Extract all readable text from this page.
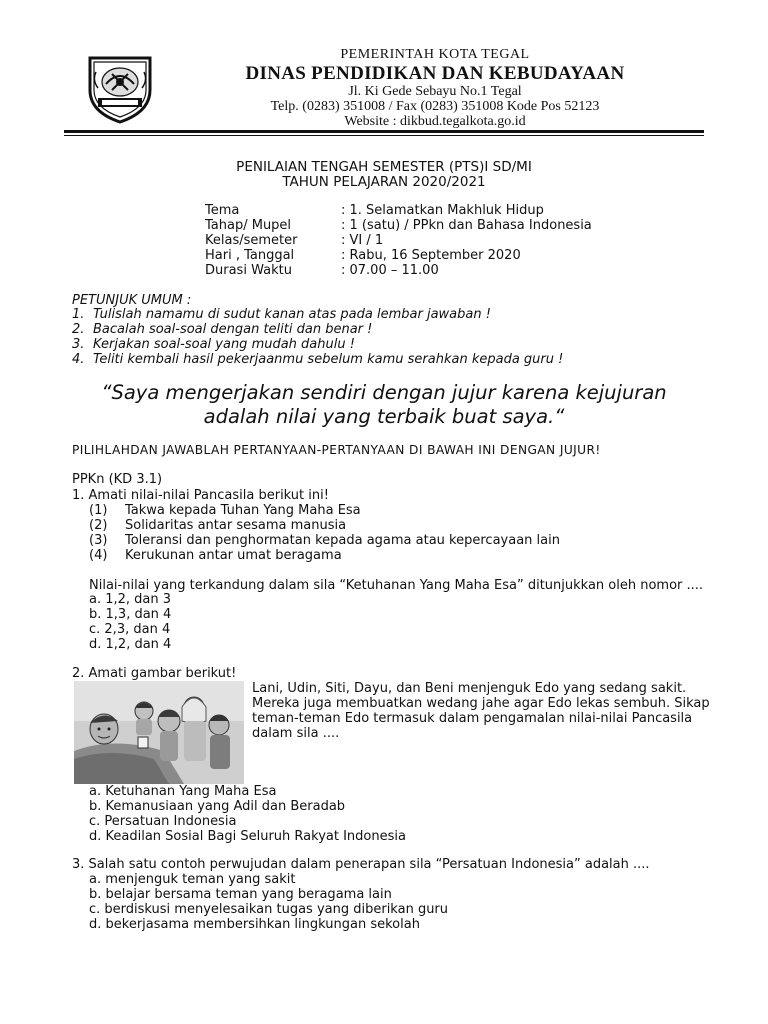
PEMERINTAH KOTA TEGAL
DINAS PENDIDIKAN DAN KEBUDAYAAN
Jl. Ki Gede Sebayu No.1 Tegal
Telp. (0283) 351008 / Fax (0283) 351008 Kode Pos 52123
Website : dikbud.tegalkota.go.id
PENILAIAN TENGAH SEMESTER (PTS)I SD/MI
TAHUN PELAJARAN 2020/2021
Tema	: 1. Selamatkan Makhluk Hidup
Tahap/ Mupel	: 1 (satu) / PPkn dan Bahasa Indonesia
Kelas/semeter	: VI / 1
Hari , Tanggal	: Rabu, 16 September 2020
Durasi Waktu	: 07.00 – 11.00
PETUNJUK UMUM :
1. Tulislah namamu di sudut kanan atas pada lembar jawaban !
2. Bacalah soal-soal dengan teliti dan benar !
3. Kerjakan soal-soal yang mudah dahulu !
4. Teliti kembali hasil pekerjaanmu sebelum kamu serahkan kepada guru !
“Saya mengerjakan sendiri dengan jujur karena kejujuran
adalah nilai yang terbaik buat saya.“
PILIHLAHDAN JAWABLAH PERTANYAAN-PERTANYAAN DI BAWAH INI DENGAN JUJUR!
PPKn (KD 3.1)
1. Amati nilai-nilai Pancasila berikut ini!
(1) Takwa kepada Tuhan Yang Maha Esa
(2) Solidaritas antar sesama manusia
(3) Toleransi dan penghormatan kepada agama atau kepercayaan lain
(4) Kerukunan antar umat beragama
Nilai-nilai yang terkandung dalam sila “Ketuhanan Yang Maha Esa” ditunjukkan oleh nomor ....
a. 1,2, dan 3
b. 1,3, dan 4
c. 2,3, dan 4
d. 1,2, dan 4
2. Amati gambar berikut!
Lani, Udin, Siti, Dayu, dan Beni menjenguk Edo yang sedang sakit.
Mereka juga membuatkan wedang jahe agar Edo lekas sembuh. Sikap
teman-teman Edo termasuk dalam pengamalan nilai-nilai Pancasila
dalam sila ....
a. Ketuhanan Yang Maha Esa
b. Kemanusiaan yang Adil dan Beradab
c. Persatuan Indonesia
d. Keadilan Sosial Bagi Seluruh Rakyat Indonesia
3. Salah satu contoh perwujudan dalam penerapan sila “Persatuan Indonesia” adalah ....
a. menjenguk teman yang sakit
b. belajar bersama teman yang beragama lain
c. berdiskusi menyelesaikan tugas yang diberikan guru
d. bekerjasama membersihkan lingkungan sekolah
